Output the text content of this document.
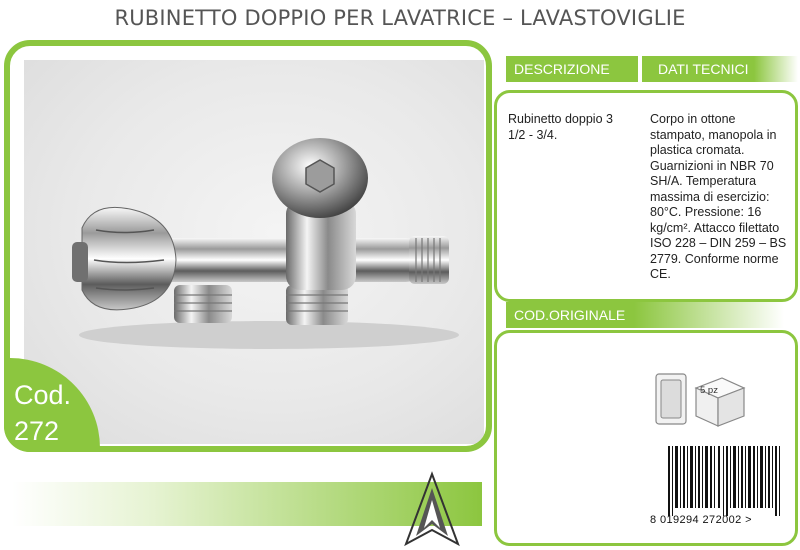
RUBINETTO DOPPIO PER LAVATRICE – LAVASTOVIGLIE
Cod.
272
DESCRIZIONE	DATI TECNICI
Rubinetto doppio 3 1/2 - 3/4.
Corpo in ottone stampato, manopola in plastica cromata. Guarnizioni in NBR 70 SH/A. Temperatura massima di esercizio: 80°C. Pressione: 16 kg/cm². Attacco filettato ISO 228 – DIN 259 – BS 2779. Conforme norme CE.
COD.ORIGINALE
5 pz
8 019294 272002 >
